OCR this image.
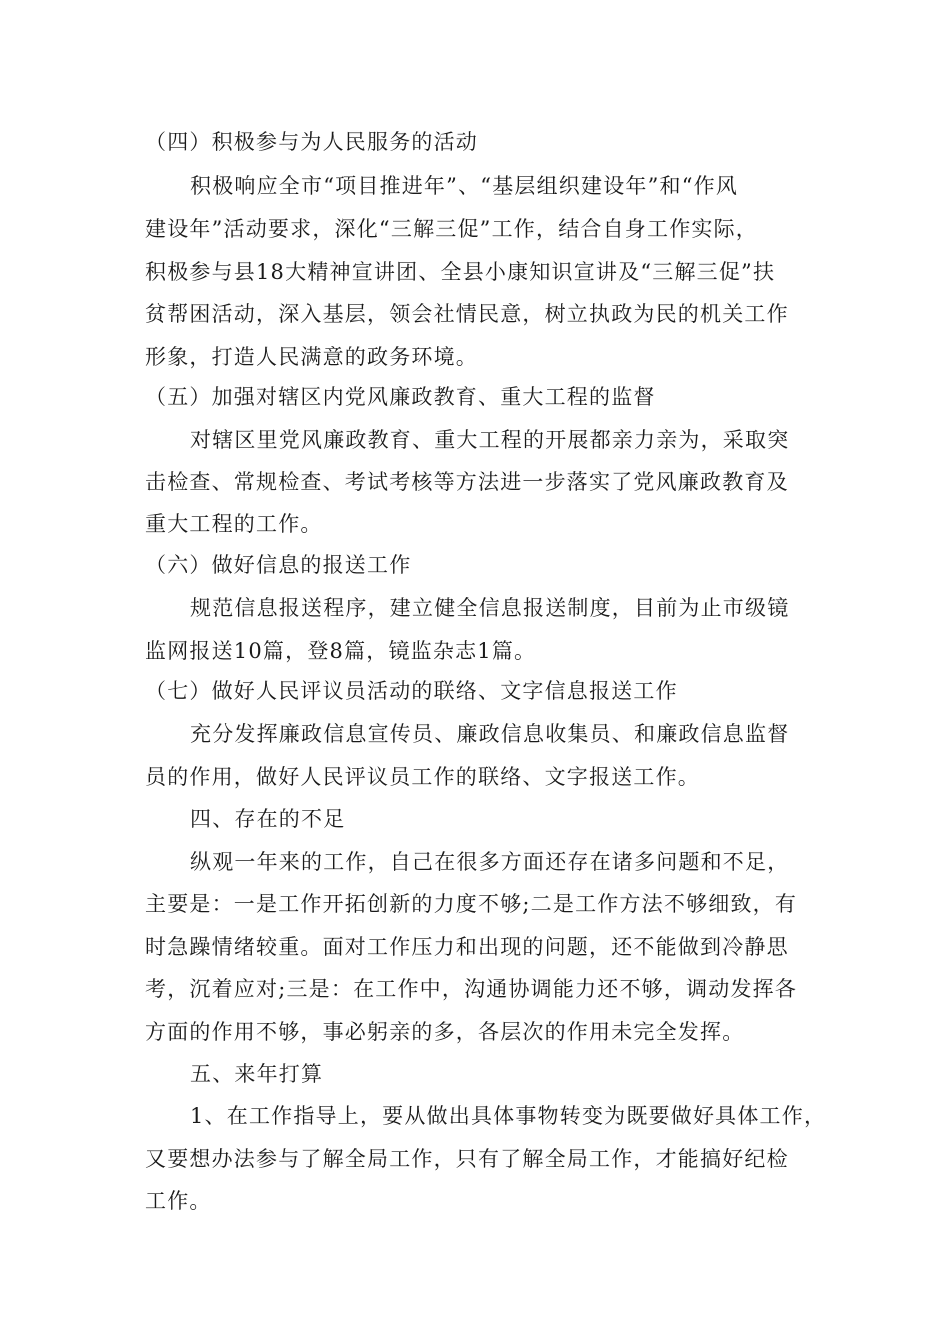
（四）积极参与为人民服务的活动
积极响应全市“项目推进年”、“基层组织建设年”和“作风
建设年”活动要求，深化“三解三促”工作，结合自身工作实际，
积极参与县18大精神宣讲团、全县小康知识宣讲及“三解三促”扶
贫帮困活动，深入基层，领会社情民意，树立执政为民的机关工作
形象，打造人民满意的政务环境。
（五）加强对辖区内党风廉政教育、重大工程的监督
对辖区里党风廉政教育、重大工程的开展都亲力亲为，采取突
击检查、常规检查、考试考核等方法进一步落实了党风廉政教育及
重大工程的工作。
（六）做好信息的报送工作
规范信息报送程序，建立健全信息报送制度，目前为止市级镜
监网报送10篇，登8篇，镜监杂志1篇。
（七）做好人民评议员活动的联络、文字信息报送工作
充分发挥廉政信息宣传员、廉政信息收集员、和廉政信息监督
员的作用，做好人民评议员工作的联络、文字报送工作。
四、存在的不足
纵观一年来的工作，自己在很多方面还存在诸多问题和不足，
主要是：一是工作开拓创新的力度不够;二是工作方法不够细致，有
时急躁情绪较重。面对工作压力和出现的问题，还不能做到冷静思
考，沉着应对;三是：在工作中，沟通协调能力还不够，调动发挥各
方面的作用不够，事必躬亲的多，各层次的作用未完全发挥。
五、来年打算
1、在工作指导上，要从做出具体事物转变为既要做好具体工作，
又要想办法参与了解全局工作，只有了解全局工作，才能搞好纪检
工作。
